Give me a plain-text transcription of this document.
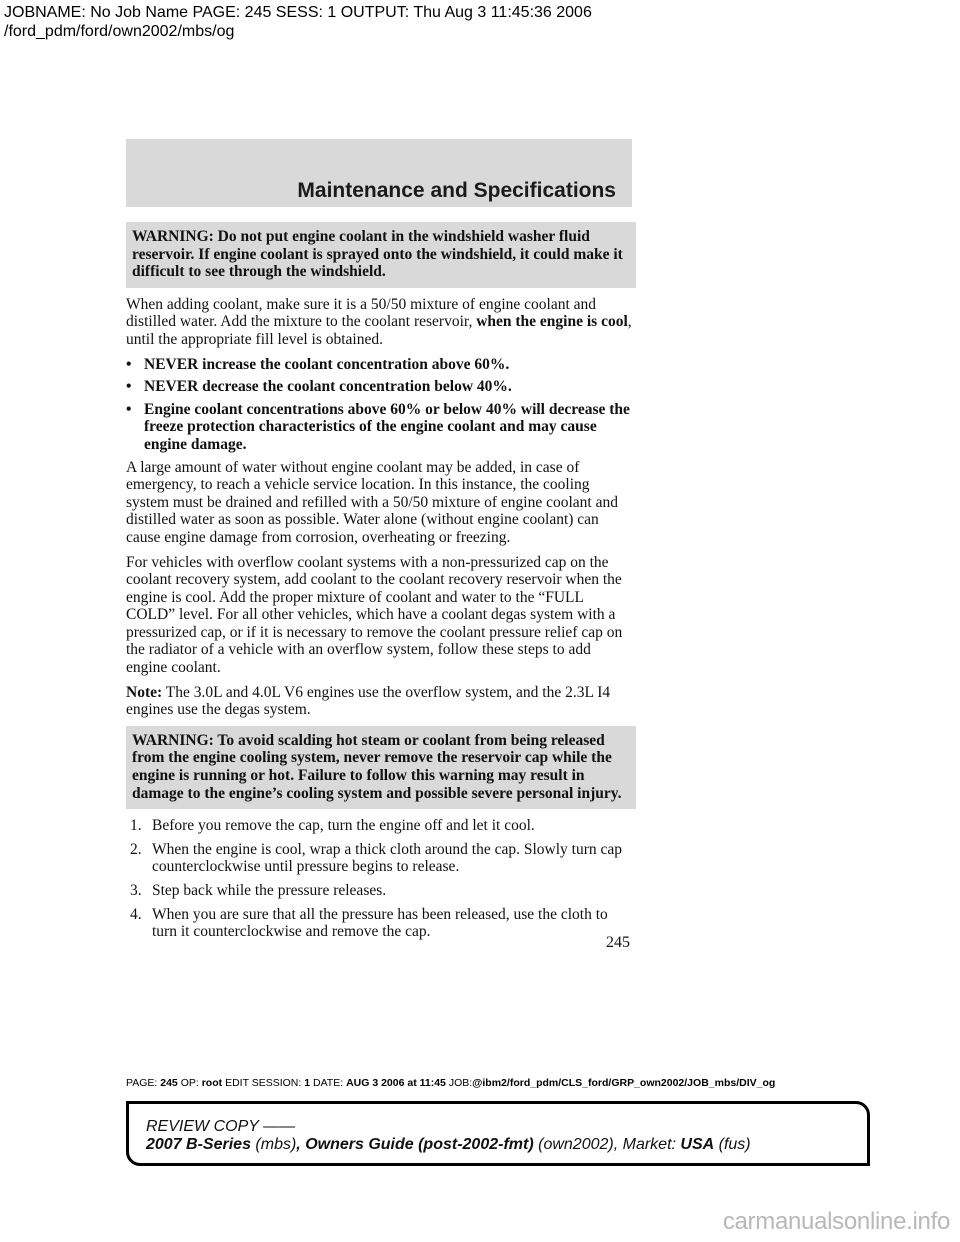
JOBNAME: No Job Name PAGE: 245 SESS: 1 OUTPUT: Thu Aug 3 11:45:36 2006
/ford_pdm/ford/own2002/mbs/og
Maintenance and Specifications
WARNING: Do not put engine coolant in the windshield washer fluid reservoir. If engine coolant is sprayed onto the windshield, it could make it difficult to see through the windshield.

When adding coolant, make sure it is a 50/50 mixture of engine coolant and distilled water. Add the mixture to the coolant reservoir, when the engine is cool, until the appropriate fill level is obtained.

• NEVER increase the coolant concentration above 60%.
• NEVER decrease the coolant concentration below 40%.
• Engine coolant concentrations above 60% or below 40% will decrease the freeze protection characteristics of the engine coolant and may cause engine damage.

A large amount of water without engine coolant may be added, in case of emergency, to reach a vehicle service location. In this instance, the cooling system must be drained and refilled with a 50/50 mixture of engine coolant and distilled water as soon as possible. Water alone (without engine coolant) can cause engine damage from corrosion, overheating or freezing.

For vehicles with overflow coolant systems with a non-pressurized cap on the coolant recovery system, add coolant to the coolant recovery reservoir when the engine is cool. Add the proper mixture of coolant and water to the “FULL COLD” level. For all other vehicles, which have a coolant degas system with a pressurized cap, or if it is necessary to remove the coolant pressure relief cap on the radiator of a vehicle with an overflow system, follow these steps to add engine coolant.

Note: The 3.0L and 4.0L V6 engines use the overflow system, and the 2.3L I4 engines use the degas system.

WARNING: To avoid scalding hot steam or coolant from being released from the engine cooling system, never remove the reservoir cap while the engine is running or hot. Failure to follow this warning may result in damage to the engine’s cooling system and possible severe personal injury.
1. Before you remove the cap, turn the engine off and let it cool.
2. When the engine is cool, wrap a thick cloth around the cap. Slowly turn cap counterclockwise until pressure begins to release.
3. Step back while the pressure releases.
4. When you are sure that all the pressure has been released, use the cloth to turn it counterclockwise and remove the cap.
245
PAGE: 245 OP: root EDIT SESSION: 1 DATE: AUG 3 2006 at 11:45 JOB:@ibm2/ford_pdm/CLS_ford/GRP_own2002/JOB_mbs/DIV_og
REVIEW COPY ——
2007 B-Series (mbs), Owners Guide (post-2002-fmt) (own2002), Market: USA (fus)
carmanualsonline.info
